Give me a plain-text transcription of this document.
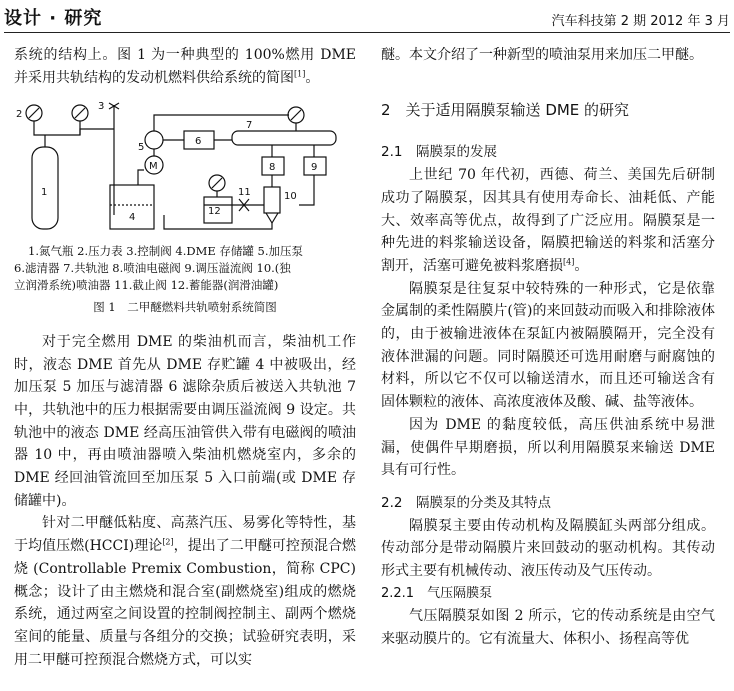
设计 · 研究	汽车科技第 2 期 2012 年 3 月

系统的结构上。图 1 为一种典型的 100%燃用 DME 并采用共轨结构的发动机燃料供给系统的简图[1]。

1
2
3
4
5
6
7
8	9
10
11
12
M
1.氮气瓶 2.压力表 3.控制阀 4.DME 存储罐 5.加压泵
6.滤清器 7.共轨池 8.喷油电磁阀 9.调压溢流阀 10.(独
立润滑系统)喷油器 11.截止阀 12.蓄能器(润滑油罐)
图 1　二甲醚燃料共轨喷射系统简图

对于完全燃用 DME 的柴油机而言，柴油机工作时，液态 DME 首先从 DME 存贮罐 4 中被吸出，经加压泵 5 加压与滤清器 6 滤除杂质后被送入共轨池 7 中，共轨池中的压力根据需要由调压溢流阀 9 设定。共轨池中的液态 DME 经高压油管供入带有电磁阀的喷油器 10 中，再由喷油器喷入柴油机燃烧室内，多余的 DME 经回油管流回至加压泵 5 入口前端(或 DME 存储罐中)。

针对二甲醚低粘度、高蒸汽压、易雾化等特性，基于均值压燃(HCCI)理论[2]，提出了二甲醚可控预混合燃烧 (Controllable Premix Combustion，简称 CPC)概念；设计了由主燃烧和混合室(副燃烧室)组成的燃烧系统，通过两室之间设置的控制阀控制主、副两个燃烧室间的能量、质量与各组分的交换；试验研究表明，采用二甲醚可控预混合燃烧方式，可以实

醚。本文介绍了一种新型的喷油泵用来加压二甲醚。

2　关于适用隔膜泵输送 DME 的研究
2.1　隔膜泵的发展

上世纪 70 年代初，西德、荷兰、美国先后研制成功了隔膜泵，因其具有使用寿命长、油耗低、产能大、效率高等优点，故得到了广泛应用。隔膜泵是一种先进的料浆输送设备，隔膜把输送的料浆和活塞分割开，活塞可避免被料浆磨损[4]。

隔膜泵是往复泵中较特殊的一种形式，它是依靠金属制的柔性隔膜片(管)的来回鼓动而吸入和排除液体的，由于被输进液体在泵缸内被隔膜隔开，完全没有液体泄漏的问题。同时隔膜还可选用耐磨与耐腐蚀的材料，所以它不仅可以输送清水，而且还可输送含有固体颗粒的液体、高浓度液体及酸、碱、盐等液体。

因为 DME 的黏度较低，高压供油系统中易泄漏，使偶件早期磨损，所以利用隔膜泵来输送 DME 具有可行性。

2.2　隔膜泵的分类及其特点

隔膜泵主要由传动机构及隔膜缸头两部分组成。传动部分是带动隔膜片来回鼓动的驱动机构。其传动形式主要有机械传动、液压传动及气压传动。

2.2.1　气压隔膜泵

气压隔膜泵如图 2 所示，它的传动系统是由空气来驱动膜片的。它有流量大、体积小、扬程高等优
